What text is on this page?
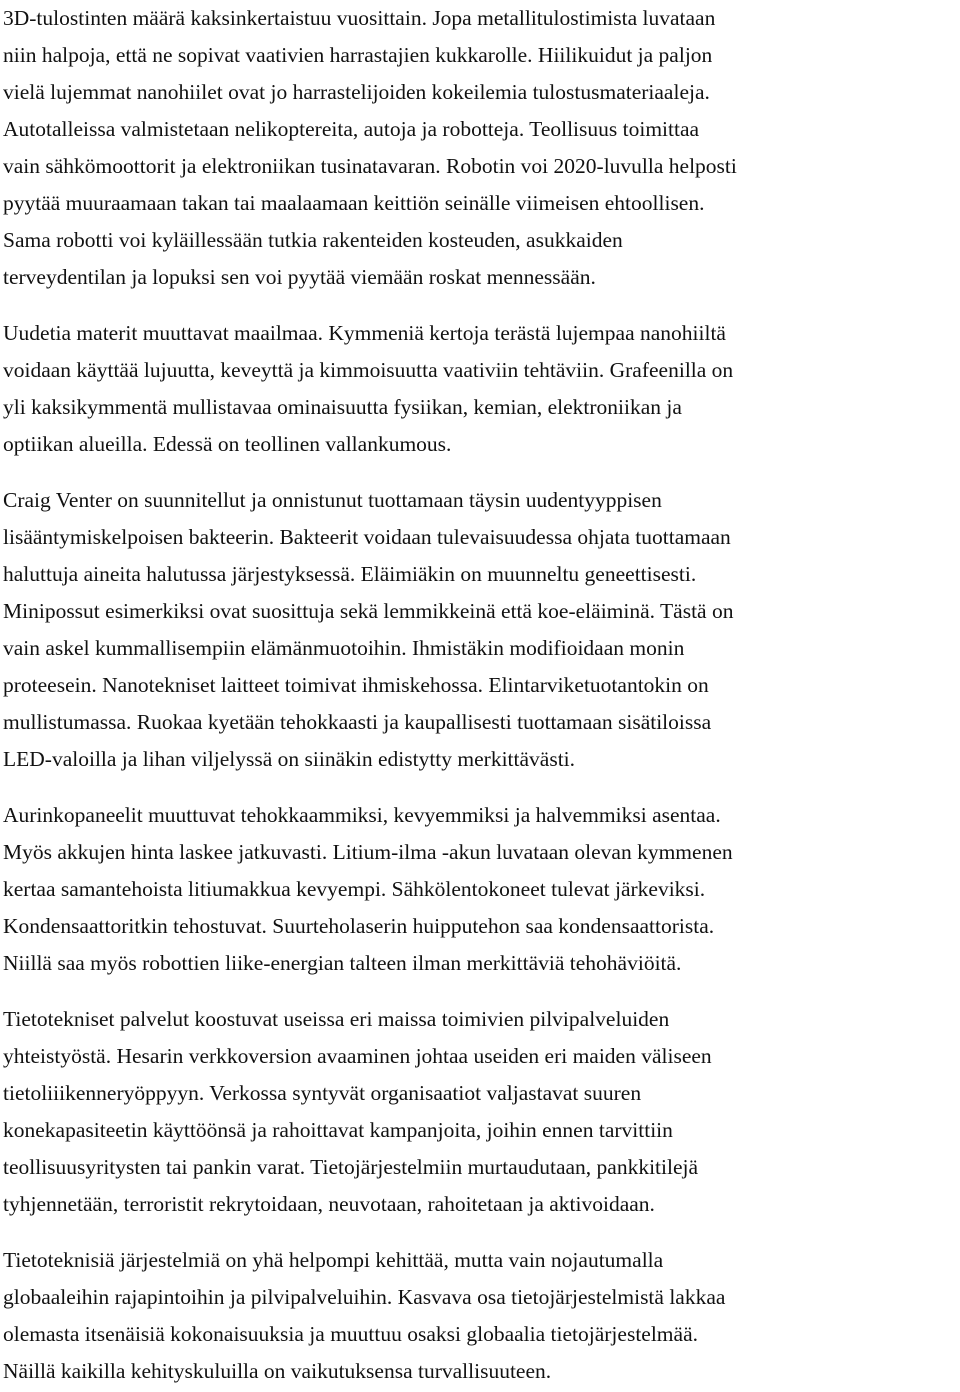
3D-tulostinten määrä kaksinkertaistuu vuosittain. Jopa metallitulostimista luvataan
niin halpoja, että ne sopivat vaativien harrastajien kukkarolle. Hiilikuidut ja paljon
vielä lujemmat nanohiilet ovat jo harrastelijoiden kokeilemia tulostusmateriaaleja.
Autotalleissa valmistetaan nelikoptereita, autoja ja robotteja. Teollisuus toimittaa
vain sähkömoottorit ja elektroniikan tusinatavaran. Robotin voi 2020-luvulla helposti
pyytää muuraamaan takan tai maalaamaan keittiön seinälle viimeisen ehtoollisen.
Sama robotti voi kyläillessään tutkia rakenteiden kosteuden, asukkaiden
terveydentilan ja lopuksi sen voi pyytää viemään roskat mennessään.
Uudetia materit muuttavat maailmaa. Kymmeniä kertoja terästä lujempaa nanohiiltä
voidaan käyttää lujuutta, keveyttä ja kimmoisuutta vaativiin tehtäviin. Grafeenilla on
yli kaksikymmentä mullistavaa ominaisuutta fysiikan, kemian, elektroniikan ja
optiikan alueilla. Edessä on teollinen vallankumous.
Craig Venter on suunnitellut ja onnistunut tuottamaan täysin uudentyyppisen
lisääntymiskelpoisen bakteerin. Bakteerit voidaan tulevaisuudessa ohjata tuottamaan
haluttuja aineita halutussa järjestyksessä. Eläimiäkin on muunneltu geneettisesti.
Minipossut esimerkiksi ovat suosittuja sekä lemmikkeinä että koe-eläiminä. Tästä on
vain askel kummallisempiin elämänmuotoihin. Ihmistäkin modifioidaan monin
proteesein. Nanotekniset laitteet toimivat ihmiskehossa. Elintarviketuotantokin on
mullistumassa. Ruokaa kyetään tehokkaasti ja kaupallisesti tuottamaan sisätiloissa
LED-valoilla ja lihan viljelyssä on siinäkin edistytty merkittävästi.
Aurinkopaneelit muuttuvat tehokkaammiksi, kevyemmiksi ja halvemmiksi asentaa.
Myös akkujen hinta laskee jatkuvasti. Litium-ilma -akun luvataan olevan kymmenen
kertaa samantehoista litiumakkua kevyempi. Sähkölentokoneet tulevat järkeviksi.
Kondensaattoritkin tehostuvat. Suurteholaserin huipputehon saa kondensaattorista.
Niillä saa myös robottien liike-energian talteen ilman merkittäviä tehohäviöitä.
Tietotekniset palvelut koostuvat useissa eri maissa toimivien pilvipalveluiden
yhteistyöstä. Hesarin verkkoversion avaaminen johtaa useiden eri maiden väliseen
tietoliiikenneryöppyyn. Verkossa syntyvät organisaatiot valjastavat suuren
konekapasiteetin käyttöönsä ja rahoittavat kampanjoita, joihin ennen tarvittiin
teollisuusyritysten tai pankin varat. Tietojärjestelmiin murtaudutaan, pankkitilejä
tyhjennetään, terroristit rekrytoidaan, neuvotaan, rahoitetaan ja aktivoidaan.
Tietoteknisiä järjestelmiä on yhä helpompi kehittää, mutta vain nojautumalla
globaaleihin rajapintoihin ja pilvipalveluihin. Kasvava osa tietojärjestelmistä lakkaa
olemasta itsenäisiä kokonaisuuksia ja muuttuu osaksi globaalia tietojärjestelmää.
Näillä kaikilla kehityskuluilla on vaikutuksensa turvallisuuteen.
